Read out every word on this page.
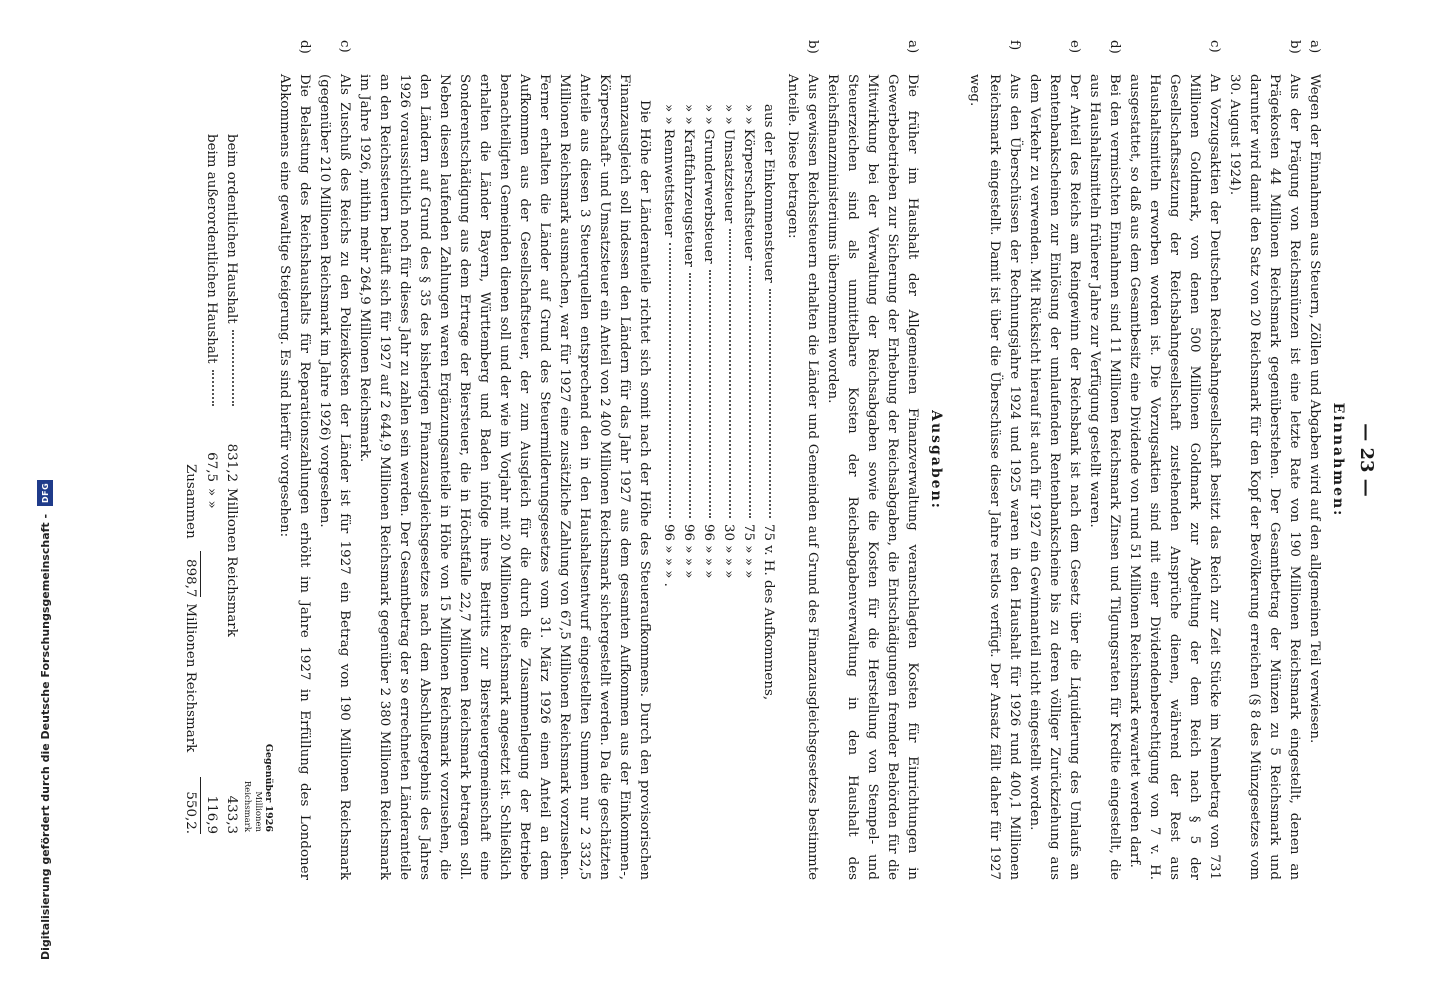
— 23 —
Einnahmen:
a)
Wegen der Einnahmen aus Steuern, Zöllen und Abgaben wird auf den allgemeinen Teil verwiesen.
b)
Aus der Prägung von Reichsmünzen ist eine letzte Rate von 190 Millionen Reichsmark eingestellt, denen an Prägekosten 44 Millionen Reichsmark gegenüberstehen. Der Gesamtbetrag der Münzen zu 5 Reichsmark und darunter wird damit den Satz von 20 Reichsmark für den Kopf der Bevölkerung erreichen (§ 8 des Münzgesetzes vom 30. August 1924).
c)
An Vorzugsaktien der Deutschen Reichsbahngesellschaft besitzt das Reich zur Zeit Stücke im Nennbetrag von 731 Millionen Goldmark, von denen 500 Millionen Goldmark zur Abgeltung der dem Reich nach § 5 der Gesellschaftssatzung der Reichsbahngesellschaft zustehenden Ansprüche dienen, während der Rest aus Haushaltsmitteln erworben worden ist. Die Vorzugsaktien sind mit einer Dividendenberechtigung von 7 v. H. ausgestattet, so daß aus dem Gesamtbesitz eine Dividende von rund 51 Millionen Reichsmark erwartet werden darf.
d)
Bei den vermischten Einnahmen sind 11 Millionen Reichsmark Zinsen und Tilgungsraten für Kredite eingestellt, die aus Haushaltsmitteln früherer Jahre zur Verfügung gestellt waren.
e)
Der Anteil des Reichs am Reingewinn der Reichsbank ist nach dem Gesetz über die Liquidierung des Umlaufs an Rentenbankscheinen zur Einlösung der umlaufenden Rentenbankscheine bis zu deren völliger Zurückziehung aus dem Verkehr zu verwenden. Mit Rücksicht hierauf ist auch für 1927 ein Gewinnanteil nicht eingestellt worden.
f)
Aus den Überschüssen der Rechnungsjahre 1924 und 1925 waren in den Haushalt für 1926 rund 400,1 Millionen Reichsmark eingestellt. Damit ist über die Überschüsse dieser Jahre restlos verfügt. Der Ansatz fällt daher für 1927 weg.
Ausgaben:
a)
Die früher im Haushalt der Allgemeinen Finanzverwaltung veranschlagten Kosten für Einrichtungen in Gewerbebetrieben zur Sicherung der Erhebung der Reichsabgaben, die Entschädigungen fremder Behörden für die Mitwirkung bei der Verwaltung der Reichsabgaben sowie die Kosten für die Herstellung von Stempel- und Steuerzeichen sind als unmittelbare Kosten der Reichsabgabenverwaltung in den Haushalt des Reichsfinanzministeriums übernommen worden.
b)
Aus gewissen Reichssteuern erhalten die Länder und Gemeinden auf Grund des Finanzausgleichsgesetzes bestimmte Anteile. Diese betragen:
aus der Einkommensteuer
75 v. H. des Aufkommens,
» » Körperschaftsteuer
75 » » »
» » Umsatzsteuer
30 » » »
» » Grunderwerbsteuer
96 » » »
» » Kraftfahrzeugsteuer
96 » » »
» » Rennwettsteuer
96 » » » .
Die Höhe der Länderanteile richtet sich somit nach der Höhe des Steueraufkommens. Durch den provisorischen Finanzausgleich soll indessen den Ländern für das Jahr 1927 aus dem gesamten Aufkommen aus der Einkommen-, Körperschaft- und Umsatzsteuer ein Anteil von 2 400 Millionen Reichsmark sichergestellt werden. Da die geschätzten Anteile aus diesen 3 Steuerquellen entsprechend den in den Haushaltsentwurf eingestellten Summen nur 2 332,5 Millionen Reichsmark ausmachen, war für 1927 eine zusätzliche Zahlung von 67,5 Millionen Reichsmark vorzusehen. Ferner erhalten die Länder auf Grund des Steuermilderungsgesetzes vom 31. März 1926 einen Anteil an dem Aufkommen aus der Gesellschaftsteuer, der zum Ausgleich für die durch die Zusammenlegung der Betriebe benachteiligten Gemeinden dienen soll und der wie im Vorjahr mit 20 Millionen Reichsmark angesetzt ist. Schließlich erhalten die Länder Bayern, Württemberg und Baden infolge ihres Beitritts zur Biersteuergemeinschaft eine Sonderentschädigung aus dem Ertrage der Biersteuer, die in Höchstfalle 22,7 Millionen Reichsmark betragen soll. Neben diesen laufenden Zahlungen waren Ergänzungsanteile in Höhe von 15 Millionen Reichsmark vorzusehen, die den Ländern auf Grund des § 35 des bisherigen Finanzausgleichsgesetzes nach dem Abschlußergebnis des Jahres 1926 voraussichtlich noch für dieses Jahr zu zahlen sein werden. Der Gesamtbetrag der so errechneten Länderanteile an den Reichssteuern beläuft sich für 1927 auf 2 644,9 Millionen Reichsmark gegenüber 2 380 Millionen Reichsmark im Jahre 1926, mithin mehr 264,9 Millionen Reichsmark.
c)
Als Zuschuß des Reichs zu den Polizeikosten der Länder ist für 1927 ein Betrag von 190 Millionen Reichsmark (gegenüber 210 Millionen Reichsmark im Jahre 1926) vorgesehen.
d)
Die Belastung des Reichshaushalts für Reparationszahlungen erhöht im Jahre 1927 in Erfüllung des Londoner Abkommens eine gewaltige Steigerung. Es sind hierfür vorgesehen:
Gegenüber 1926
Millionen
Reichsmark
beim ordentlichen Haushalt
831,2
Millionen Reichsmark
433,3
beim außerordentlichen Haushalt
67,5
» »
116,9
Zusammen
898,7
Millionen Reichsmark
550,2.
Digitalisierung gefördert durch die Deutsche Forschungsgemeinschaft -
DFG
